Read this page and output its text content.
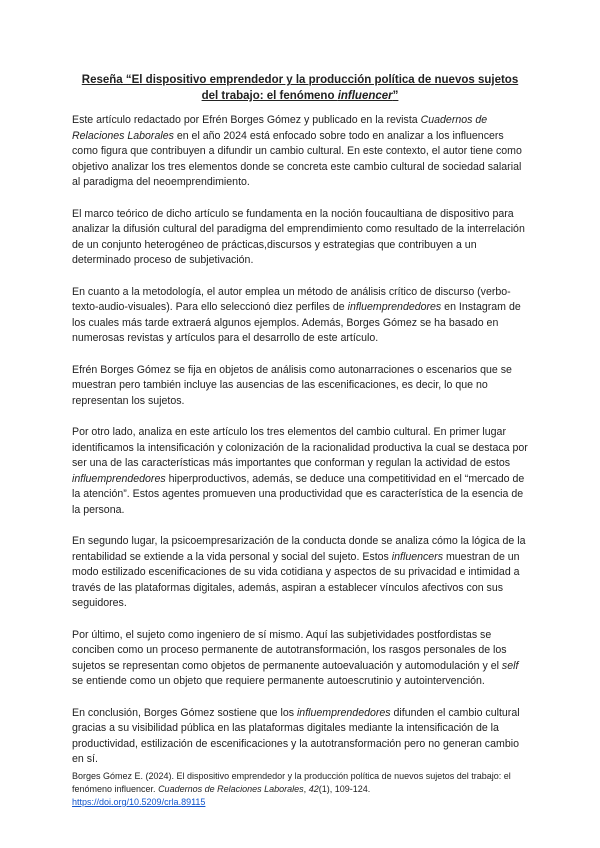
Reseña “El dispositivo emprendedor y la producción política de nuevos sujetos del trabajo: el fenómeno influencer”

Este artículo redactado por Efrén Borges Gómez y publicado en la revista Cuadernos de Relaciones Laborales en el año 2024 está enfocado sobre todo en analizar a los influencers como figura que contribuyen a difundir un cambio cultural. En este contexto, el autor tiene como objetivo analizar los tres elementos donde se concreta este cambio cultural de sociedad salarial al paradigma del neoemprendimiento.

El marco teórico de dicho artículo se fundamenta en la noción foucaultiana de dispositivo para analizar la difusión cultural del paradigma del emprendimiento como resultado de la interrelación de un conjunto heterogéneo de prácticas,discursos y estrategias que contribuyen a un determinado proceso de subjetivación.

En cuanto a la metodología, el autor emplea un método de análisis crítico de discurso (verbo-texto-audio-visuales). Para ello seleccionó diez perfiles de influemprendedores en Instagram de los cuales más tarde extraerá algunos ejemplos. Además, Borges Gómez se ha basado en numerosas revistas y artículos para el desarrollo de este artículo.

Efrén Borges Gómez se fija en objetos de análisis como autonarraciones o escenarios que se muestran pero también incluye las ausencias de las escenificaciones, es decir, lo que no representan los sujetos.

Por otro lado, analiza en este artículo los tres elementos del cambio cultural. En primer lugar identificamos la intensificación y colonización de la racionalidad productiva la cual se destaca por ser una de las características más importantes que conforman y regulan la actividad de estos influemprendedores hiperproductivos, además, se deduce una competitividad en el “mercado de la atención”. Estos agentes promueven una productividad que es característica de la esencia de la persona.

En segundo lugar, la psicoempresarización de la conducta donde se analiza cómo la lógica de la rentabilidad se extiende a la vida personal y social del sujeto. Estos influencers muestran de un modo estilizado escenificaciones de su vida cotidiana y aspectos de su privacidad e intimidad a través de las plataformas digitales, además, aspiran a establecer vínculos afectivos con sus seguidores.

Por último, el sujeto como ingeniero de sí mismo. Aquí las subjetividades postfordistas se conciben como un proceso permanente de autotransformación, los rasgos personales de los sujetos se representan como objetos de permanente autoevaluación y automodulación y el self se entiende como un objeto que requiere permanente autoescrutinio y autointervención.

En conclusión, Borges Gómez sostiene que los influemprendedores difunden el cambio cultural gracias a su visibilidad pública en las plataformas digitales mediante la intensificación de la productividad, estilización de escenificaciones y la autotransformación pero no generan cambio en sí.

Borges Gómez E. (2024). El dispositivo emprendedor y la producción política de nuevos sujetos del trabajo: el fenómeno influencer. Cuadernos de Relaciones Laborales, 42(1), 109-124.
https://doi.org/10.5209/crla.89115
